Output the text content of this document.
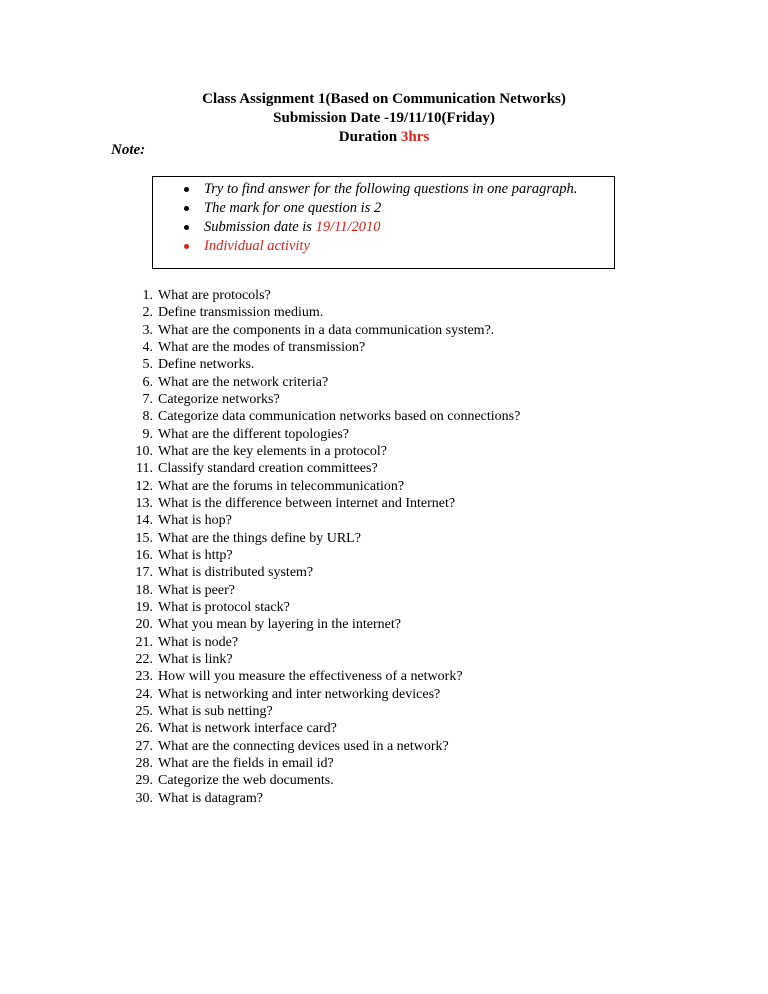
Class Assignment 1(Based on Communication Networks)
Submission Date -19/11/10(Friday)
Duration 3hrs
Note:
Try to find answer for the following questions in one paragraph.
The mark for one question is 2
Submission date is 19/11/2010
Individual activity
1. What are protocols?
2. Define transmission medium.
3. What are the components in a data communication system?.
4. What are the modes of transmission?
5. Define networks.
6. What are the network criteria?
7. Categorize networks?
8. Categorize data communication networks based on connections?
9. What are the different topologies?
10. What are the key elements in a protocol?
11. Classify standard creation committees?
12. What are the forums in telecommunication?
13. What is the difference between internet and Internet?
14. What is hop?
15. What are the things define by URL?
16. What is http?
17. What is distributed system?
18. What is peer?
19. What is protocol stack?
20. What you mean by layering in the internet?
21. What is node?
22. What is link?
23. How will you measure the effectiveness of a network?
24. What is networking and inter networking devices?
25. What is sub netting?
26. What is network interface card?
27. What are the connecting devices used in a network?
28. What are the fields in email id?
29. Categorize the web documents.
30. What is datagram?
